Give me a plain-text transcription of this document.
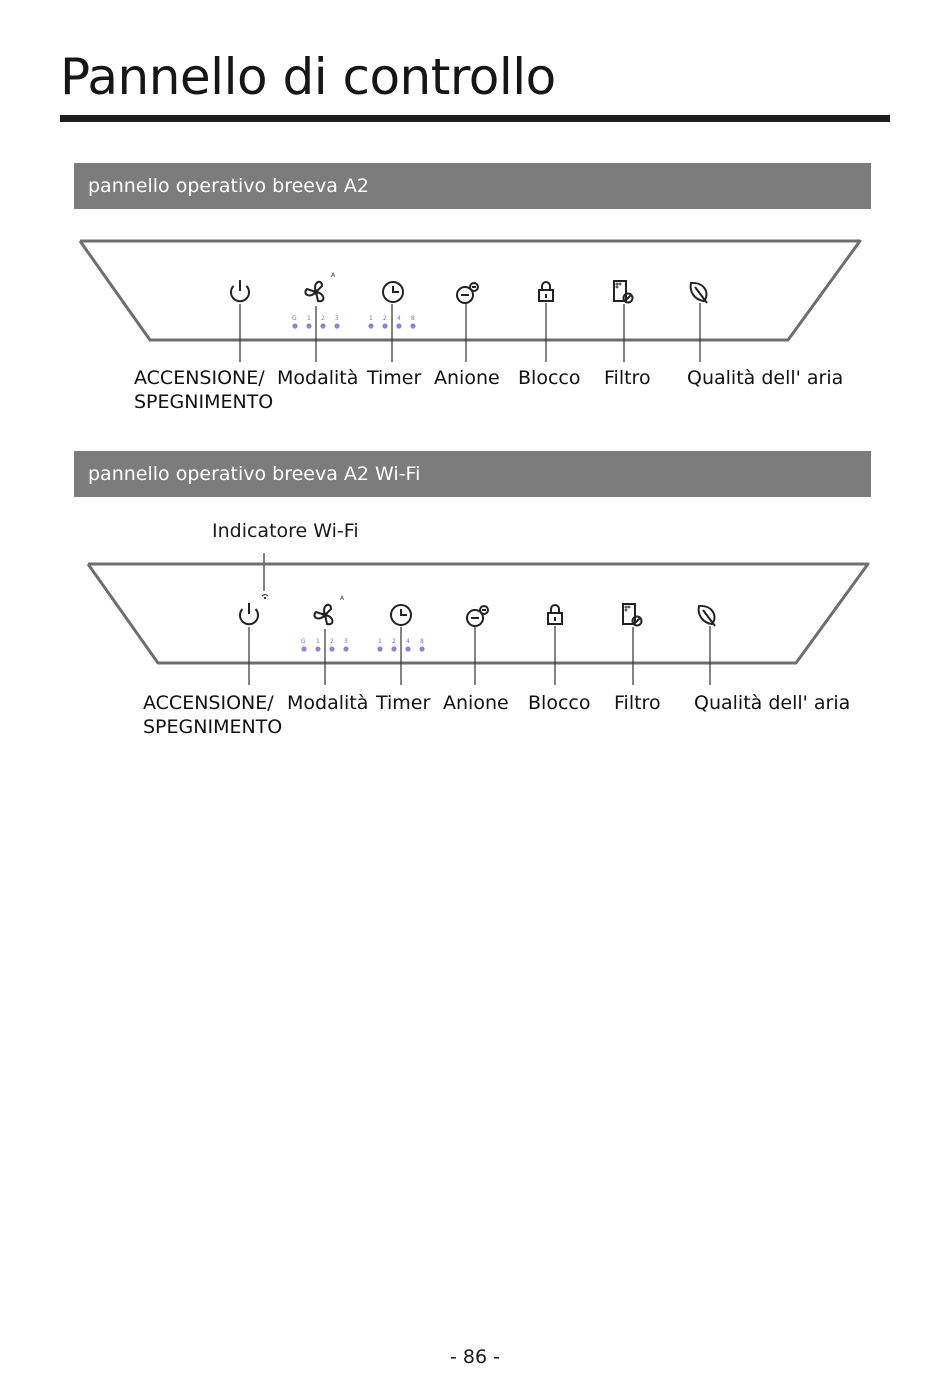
Pannello di controllo
pannello operativo breeva A2
A
G 1 2 3	1 2 4 8
ACCENSIONE/
SPEGNIMENTO
Modalità Timer Anione Blocco Filtro Qualità dell' aria
pannello operativo breeva A2 Wi-Fi
Indicatore Wi-Fi
A
G 1 2 3	1 2 4 8
ACCENSIONE/
SPEGNIMENTO
Modalità Timer Anione Blocco Filtro Qualità dell' aria
- 86 -
